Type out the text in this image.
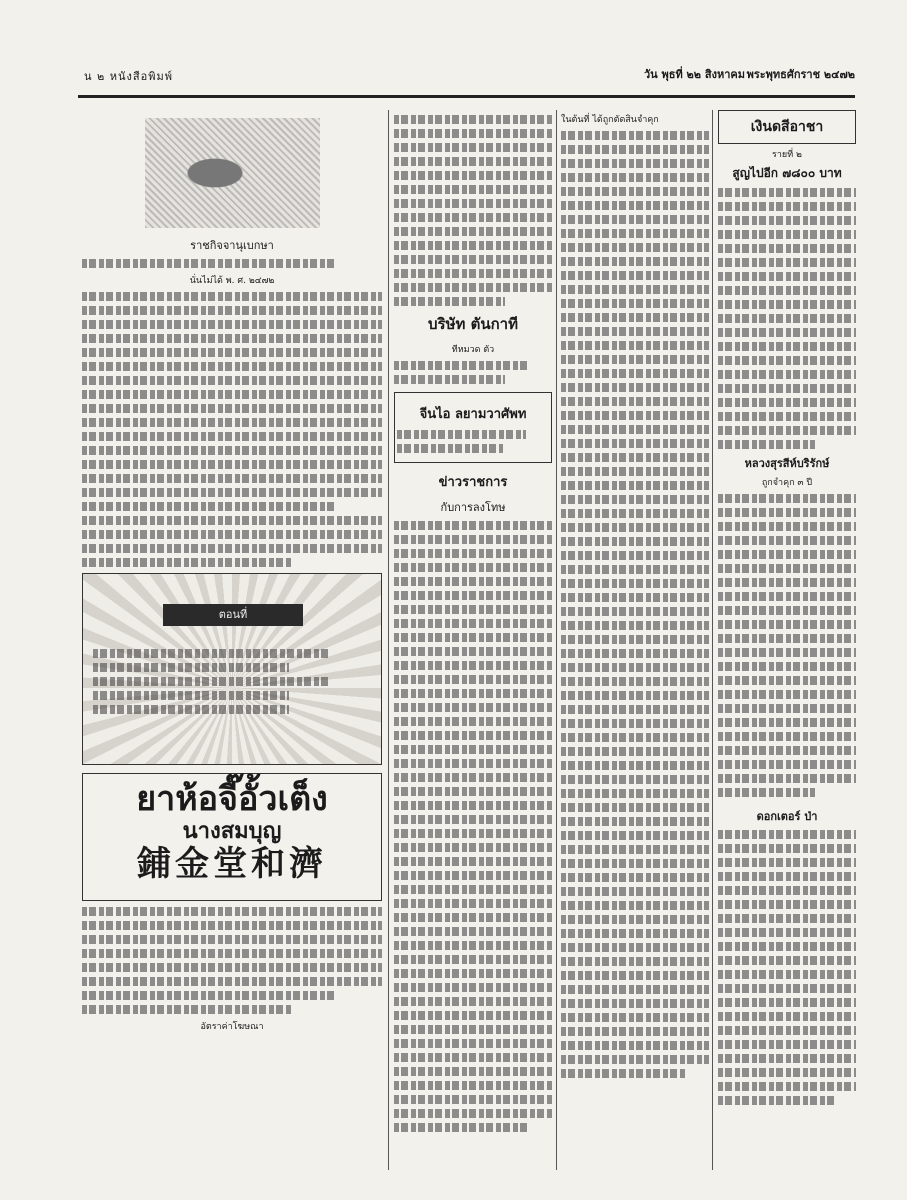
น ๒ หนังสือพิมพ์	วัน พุธที่ ๒๒ สิงหาคม พระพุทธศักราช ๒๔๗๒
ราชกิจจานุเบกษา
นั่นไม่ได้ พ. ศ. ๒๔๗๒
ตอนที่
ยาห้อจี๊อั้วเต็ง
นางสมบุญ
鋪金堂和濟
อัตราค่าโฆษณา
บริษัท ตันกาที
ทีหมวด ตัว
จีนไอ ลยามวาศัพท
ข่าวราชการ
กับการลงโทษ
ในต้นที่ ได้ถูกตัดสินจำคุก	เงินดสีอาชา
รายที่ ๒
สูญไปอีก ๗๘๐๐ บาท
หลวงสุรสีห์บริรักษ์
ถูกจำคุก ๓ ปี
ดอกเตอร์ ป่า
